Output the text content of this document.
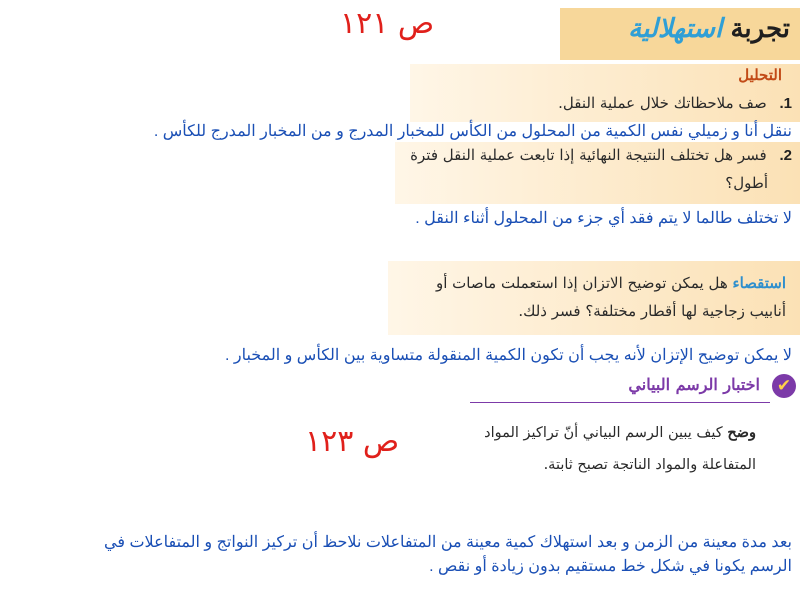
ص ١٢١	تجربة استهلالية
التحليل
1. صف ملاحظاتك خلال عملية النقل.
ننقل أنا و زميلي نفس الكمية من المحلول من الكأس للمخبار المدرج و من المخبار المدرج للكأس .
2. فسر هل تختلف النتيجة النهائية إذا تابعت عملية النقل فترة
أطول؟
لا تختلف طالما لا يتم فقد أي جزء من المحلول أثناء النقل .
استقصاء هل يمكن توضيح الاتزان إذا استعملت ماصات أو
أنابيب زجاجية لها أقطار مختلفة؟ فسر ذلك.
لا يمكن توضيح الإتزان لأنه يجب أن تكون الكمية المنقولة متساوية بين الكأس و المخبار .
✔
اختبار الرسم البياني
ص ١٢٣	وضح كيف يبين الرسم البياني أنّ تراكيز المواد
المتفاعلة والمواد الناتجة تصبح ثابتة.
بعد مدة معينة من الزمن و بعد استهلاك كمية معينة من المتفاعلات نلاحظ أن تركيز النواتج و المتفاعلات في
الرسم يكونا في شكل خط مستقيم بدون زيادة أو نقص .
